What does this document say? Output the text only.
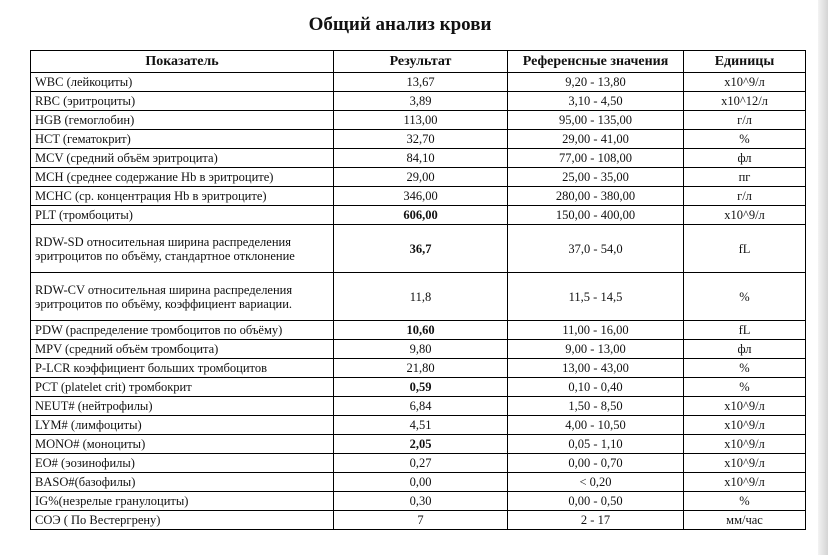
Общий анализ крови
Показатель	Результат	Референсные значения	Единицы
WBC (лейкоциты)	13,67	9,20 - 13,80	x10^9/л
RBC (эритроциты)	3,89	3,10 - 4,50	x10^12/л
HGB (гемоглобин)	113,00	95,00 - 135,00	г/л
HCT (гематокрит)	32,70	29,00 - 41,00	%
MCV (средний объём эритроцита)	84,10	77,00 - 108,00	фл
MCH (среднее содержание Hb в эритроците)	29,00	25,00 - 35,00	пг
MCHC (ср. концентрация Hb в эритроците)	346,00	280,00 - 380,00	г/л
PLT (тромбоциты)	606,00	150,00 - 400,00	x10^9/л
RDW-SD относительная ширина распределения эритроцитов по объёму, стандартное отклонение	36,7	37,0 - 54,0	fL
RDW-CV относительная ширина распределения эритроцитов по объёму, коэффициент вариации.	11,8	11,5 - 14,5	%
PDW (распределение тромбоцитов по объёму)	10,60	11,00 - 16,00	fL
MPV (средний объём тромбоцита)	9,80	9,00 - 13,00	фл
P-LCR коэффициент больших тромбоцитов	21,80	13,00 - 43,00	%
PCT (platelet crit) тромбокрит	0,59	0,10 - 0,40	%
NEUT# (нейтрофилы)	6,84	1,50 - 8,50	x10^9/л
LYM# (лимфоциты)	4,51	4,00 - 10,50	x10^9/л
MONO# (моноциты)	2,05	0,05 - 1,10	x10^9/л
EO# (эозинофилы)	0,27	0,00 - 0,70	x10^9/л
BASO#(базофилы)	0,00	< 0,20	x10^9/л
IG%(незрелые гранулоциты)	0,30	0,00 - 0,50	%
СОЭ ( По Вестергрену)	7	2 - 17	мм/час
